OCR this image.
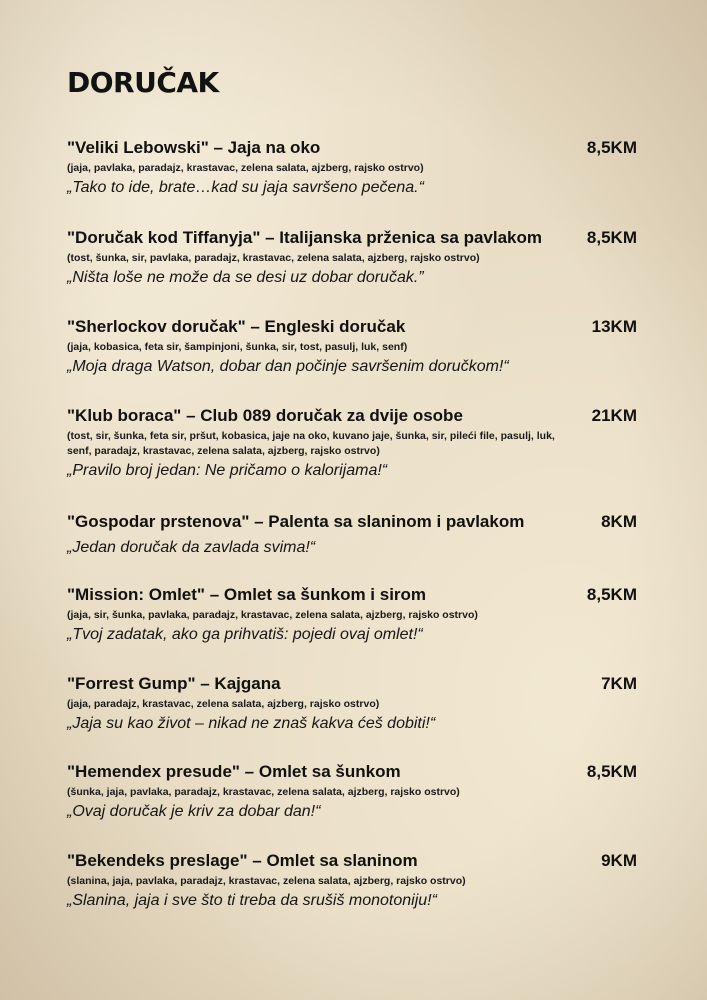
DORUČAK
"Veliki Lebowski" – Jaja na oko	8,5KM
(jaja, pavlaka, paradajz, krastavac, zelena salata, ajzberg, rajsko ostrvo)
„Tako to ide, brate…kad su jaja savršeno pečena.“
"Doručak kod Tiffanyja" – Italijanska prženica sa pavlakom	8,5KM
(tost, šunka, sir, pavlaka, paradajz, krastavac, zelena salata, ajzberg, rajsko ostrvo)
„Ništa loše ne može da se desi uz dobar doručak.”
"Sherlockov doručak" – Engleski doručak	13KM
(jaja, kobasica, feta sir, šampinjoni, šunka, sir, tost, pasulj, luk, senf)
„Moja draga Watson, dobar dan počinje savršenim doručkom!“
"Klub boraca" – Club 089 doručak za dvije osobe	21KM
(tost, sir, šunka, feta sir, pršut, kobasica, jaje na oko, kuvano jaje, šunka, sir, pileći file, pasulj, luk, senf, paradajz, krastavac, zelena salata, ajzberg, rajsko ostrvo)
„Pravilo broj jedan: Ne pričamo o kalorijama!“
"Gospodar prstenova" – Palenta sa slaninom i pavlakom	8KM
„Jedan doručak da zavlada svima!“
"Mission: Omlet" – Omlet sa šunkom i sirom	8,5KM
(jaja, sir, šunka, pavlaka, paradajz, krastavac, zelena salata, ajzberg, rajsko ostrvo)
„Tvoj zadatak, ako ga prihvatiš: pojedi ovaj omlet!“
"Forrest Gump" – Kajgana	7KM
(jaja, paradajz, krastavac, zelena salata, ajzberg, rajsko ostrvo)
„Jaja su kao život – nikad ne znaš kakva ćeš dobiti!“
"Hemendex presude" – Omlet sa šunkom	8,5KM
(šunka, jaja, pavlaka, paradajz, krastavac, zelena salata, ajzberg, rajsko ostrvo)
„Ovaj doručak je kriv za dobar dan!“
"Bekendeks preslage" – Omlet sa slaninom	9KM
(slanina, jaja, pavlaka, paradajz, krastavac, zelena salata, ajzberg, rajsko ostrvo)
„Slanina, jaja i sve što ti treba da srušiš monotoniju!“
